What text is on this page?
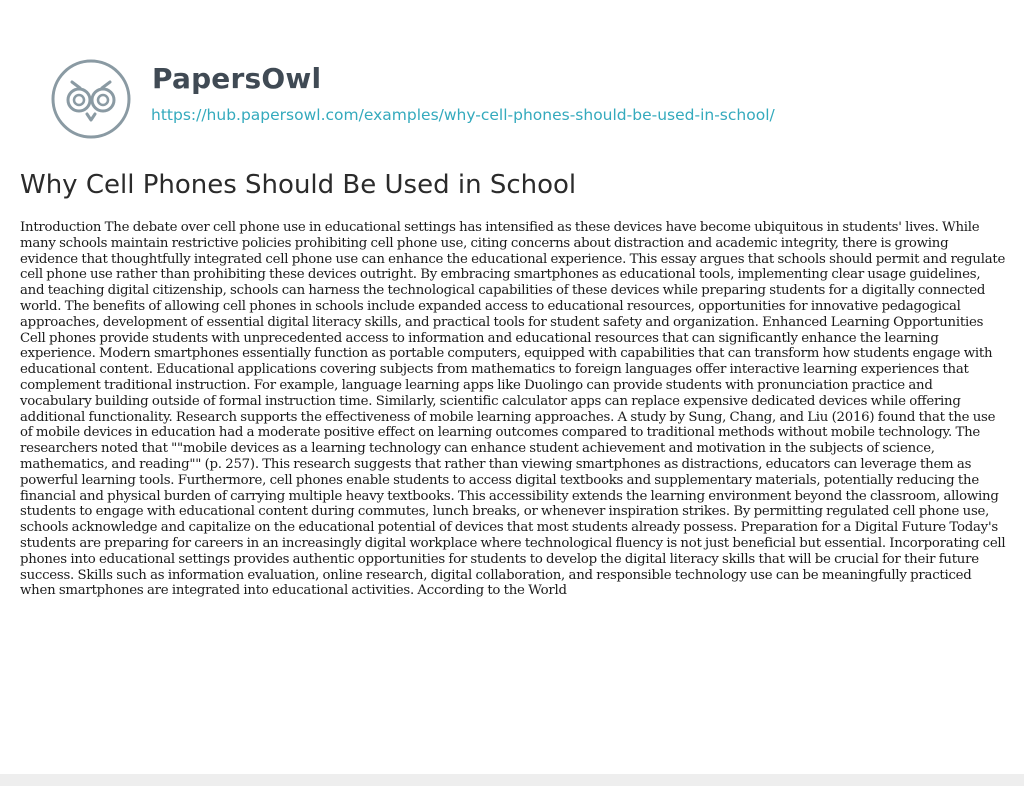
PapersOwl
https://hub.papersowl.com/examples/why-cell-phones-should-be-used-in-school/
Why Cell Phones Should Be Used in School

Introduction The debate over cell phone use in educational settings has intensified as these devices have become ubiquitous in students' lives. While many schools maintain restrictive policies prohibiting cell phone use, citing concerns about distraction and academic integrity, there is growing evidence that thoughtfully integrated cell phone use can enhance the educational experience. This essay argues that schools should permit and regulate cell phone use rather than prohibiting these devices outright. By embracing smartphones as educational tools, implementing clear usage guidelines, and teaching digital citizenship, schools can harness the technological capabilities of these devices while preparing students for a digitally connected world. The benefits of allowing cell phones in schools include expanded access to educational resources, opportunities for innovative pedagogical approaches, development of essential digital literacy skills, and practical tools for student safety and organization. Enhanced Learning Opportunities Cell phones provide students with unprecedented access to information and educational resources that can significantly enhance the learning experience. Modern smartphones essentially function as portable computers, equipped with capabilities that can transform how students engage with educational content. Educational applications covering subjects from mathematics to foreign languages offer interactive learning experiences that complement traditional instruction. For example, language learning apps like Duolingo can provide students with pronunciation practice and vocabulary building outside of formal instruction time. Similarly, scientific calculator apps can replace expensive dedicated devices while offering additional functionality. Research supports the effectiveness of mobile learning approaches. A study by Sung, Chang, and Liu (2016) found that the use of mobile devices in education had a moderate positive effect on learning outcomes compared to traditional methods without mobile technology. The researchers noted that ""mobile devices as a learning technology can enhance student achievement and motivation in the subjects of science, mathematics, and reading"" (p. 257). This research suggests that rather than viewing smartphones as distractions, educators can leverage them as powerful learning tools. Furthermore, cell phones enable students to access digital textbooks and supplementary materials, potentially reducing the financial and physical burden of carrying multiple heavy textbooks. This accessibility extends the learning environment beyond the classroom, allowing students to engage with educational content during commutes, lunch breaks, or whenever inspiration strikes. By permitting regulated cell phone use, schools acknowledge and capitalize on the educational potential of devices that most students already possess. Preparation for a Digital Future Today's students are preparing for careers in an increasingly digital workplace where technological fluency is not just beneficial but essential. Incorporating cell phones into educational settings provides authentic opportunities for students to develop the digital literacy skills that will be crucial for their future success. Skills such as information evaluation, online research, digital collaboration, and responsible technology use can be meaningfully practiced when smartphones are integrated into educational activities. According to the World
